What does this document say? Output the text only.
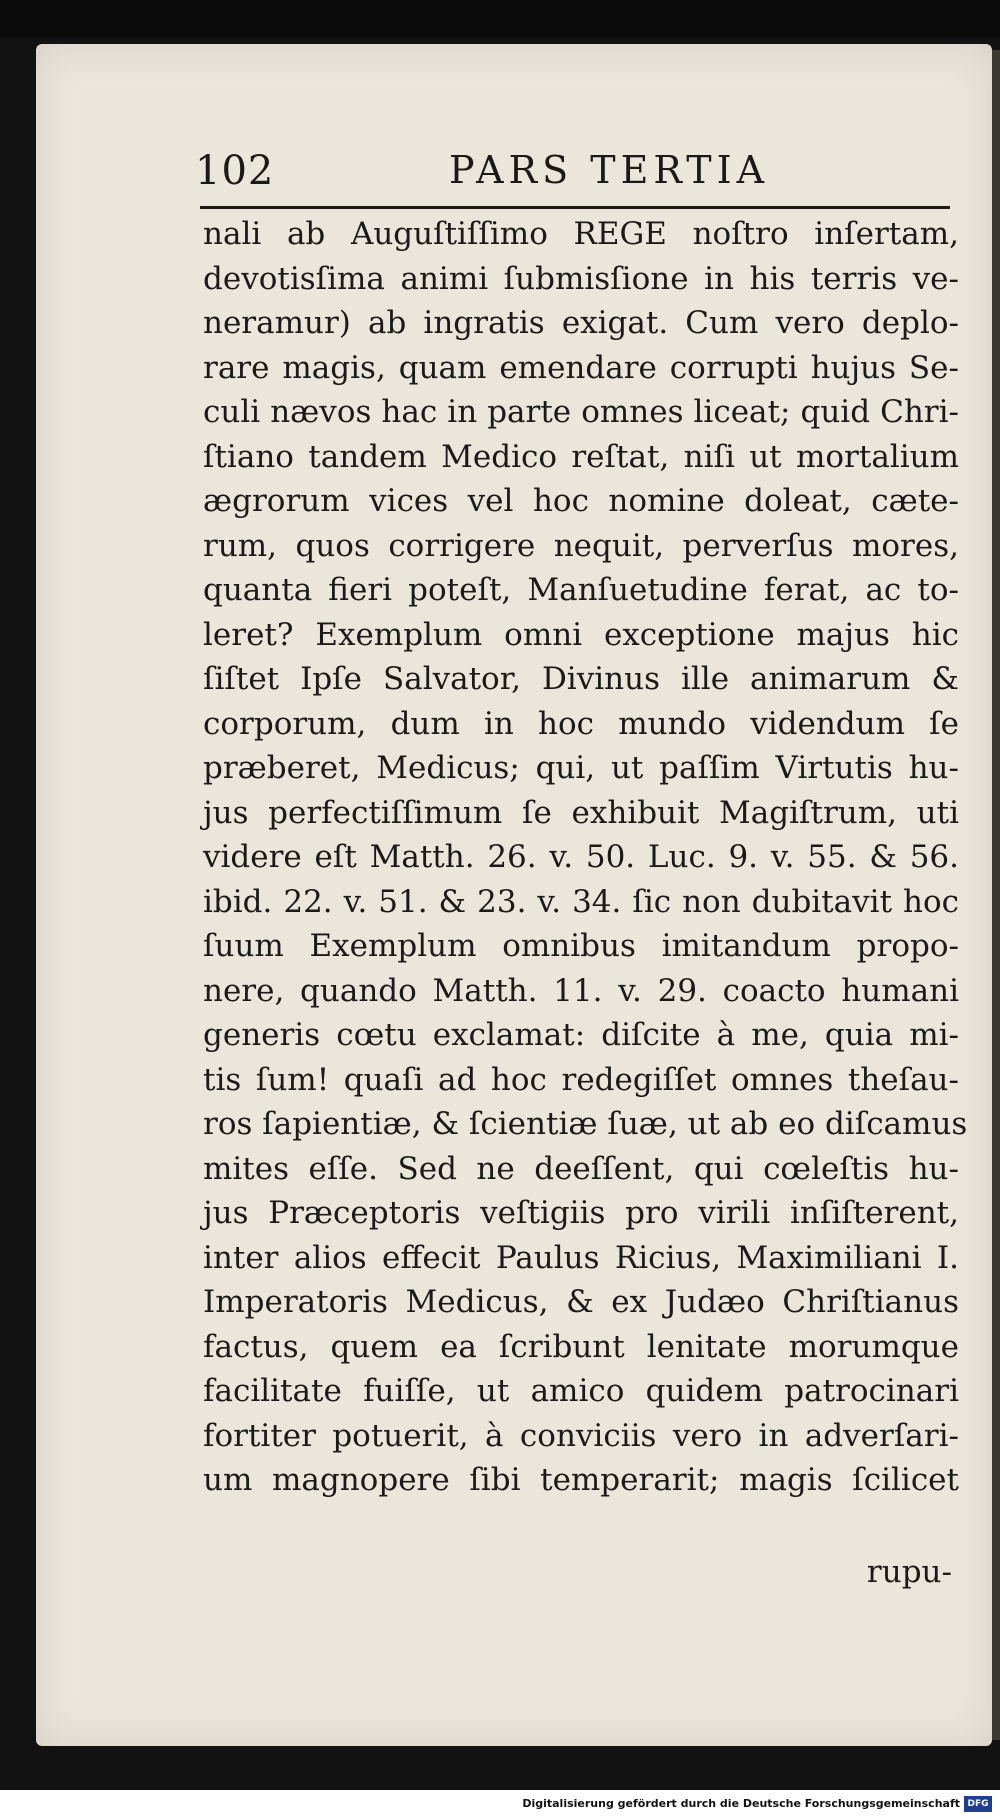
102	PARS TERTIA
nali ab Auguſtiſſimo REGE noſtro inſertam,
devotisſima animi ſubmisſione in his terris ve-
neramur) ab ingratis exigat. Cum vero deplo-
rare magis, quam emendare corrupti hujus Se-
culi nævos hac in parte omnes liceat; quid Chri-
ſtiano tandem Medico reſtat, niſi ut mortalium
ægrorum vices vel hoc nomine doleat, cæte-
rum, quos corrigere nequit, perverſus mores,
quanta fieri poteſt, Manſuetudine ferat, ac to-
leret? Exemplum omni exceptione majus hic
ſiſtet Ipſe Salvator, Divinus ille animarum &
corporum, dum in hoc mundo videndum ſe
præberet, Medicus; qui, ut paſſim Virtutis hu-
jus perfectiſſimum ſe exhibuit Magiſtrum, uti
videre eſt Matth. 26. v. 50. Luc. 9. v. 55. & 56.
ibid. 22. v. 51. & 23. v. 34. ſic non dubitavit hoc
ſuum Exemplum omnibus imitandum propo-
nere, quando Matth. 11. v. 29. coacto humani
generis cœtu exclamat: diſcite à me, quia mi-
tis ſum! quaſi ad hoc redegiſſet omnes theſau-
ros ſapientiæ, & ſcientiæ ſuæ, ut ab eo diſcamus
mites eſſe. Sed ne deeſſent, qui cœleſtis hu-
jus Præceptoris veſtigiis pro virili inſiſterent,
inter alios effecit Paulus Ricius, Maximiliani I.
Imperatoris Medicus, & ex Judæo Chriſtianus
factus, quem ea ſcribunt lenitate morumque
facilitate fuiſſe, ut amico quidem patrocinari
fortiter potuerit, à conviciis vero in adverſari-
um magnopere ſibi temperarit; magis ſcilicet
rupu-
Digitalisierung gefördert durch die Deutsche Forschungsgemeinschaft DFG
